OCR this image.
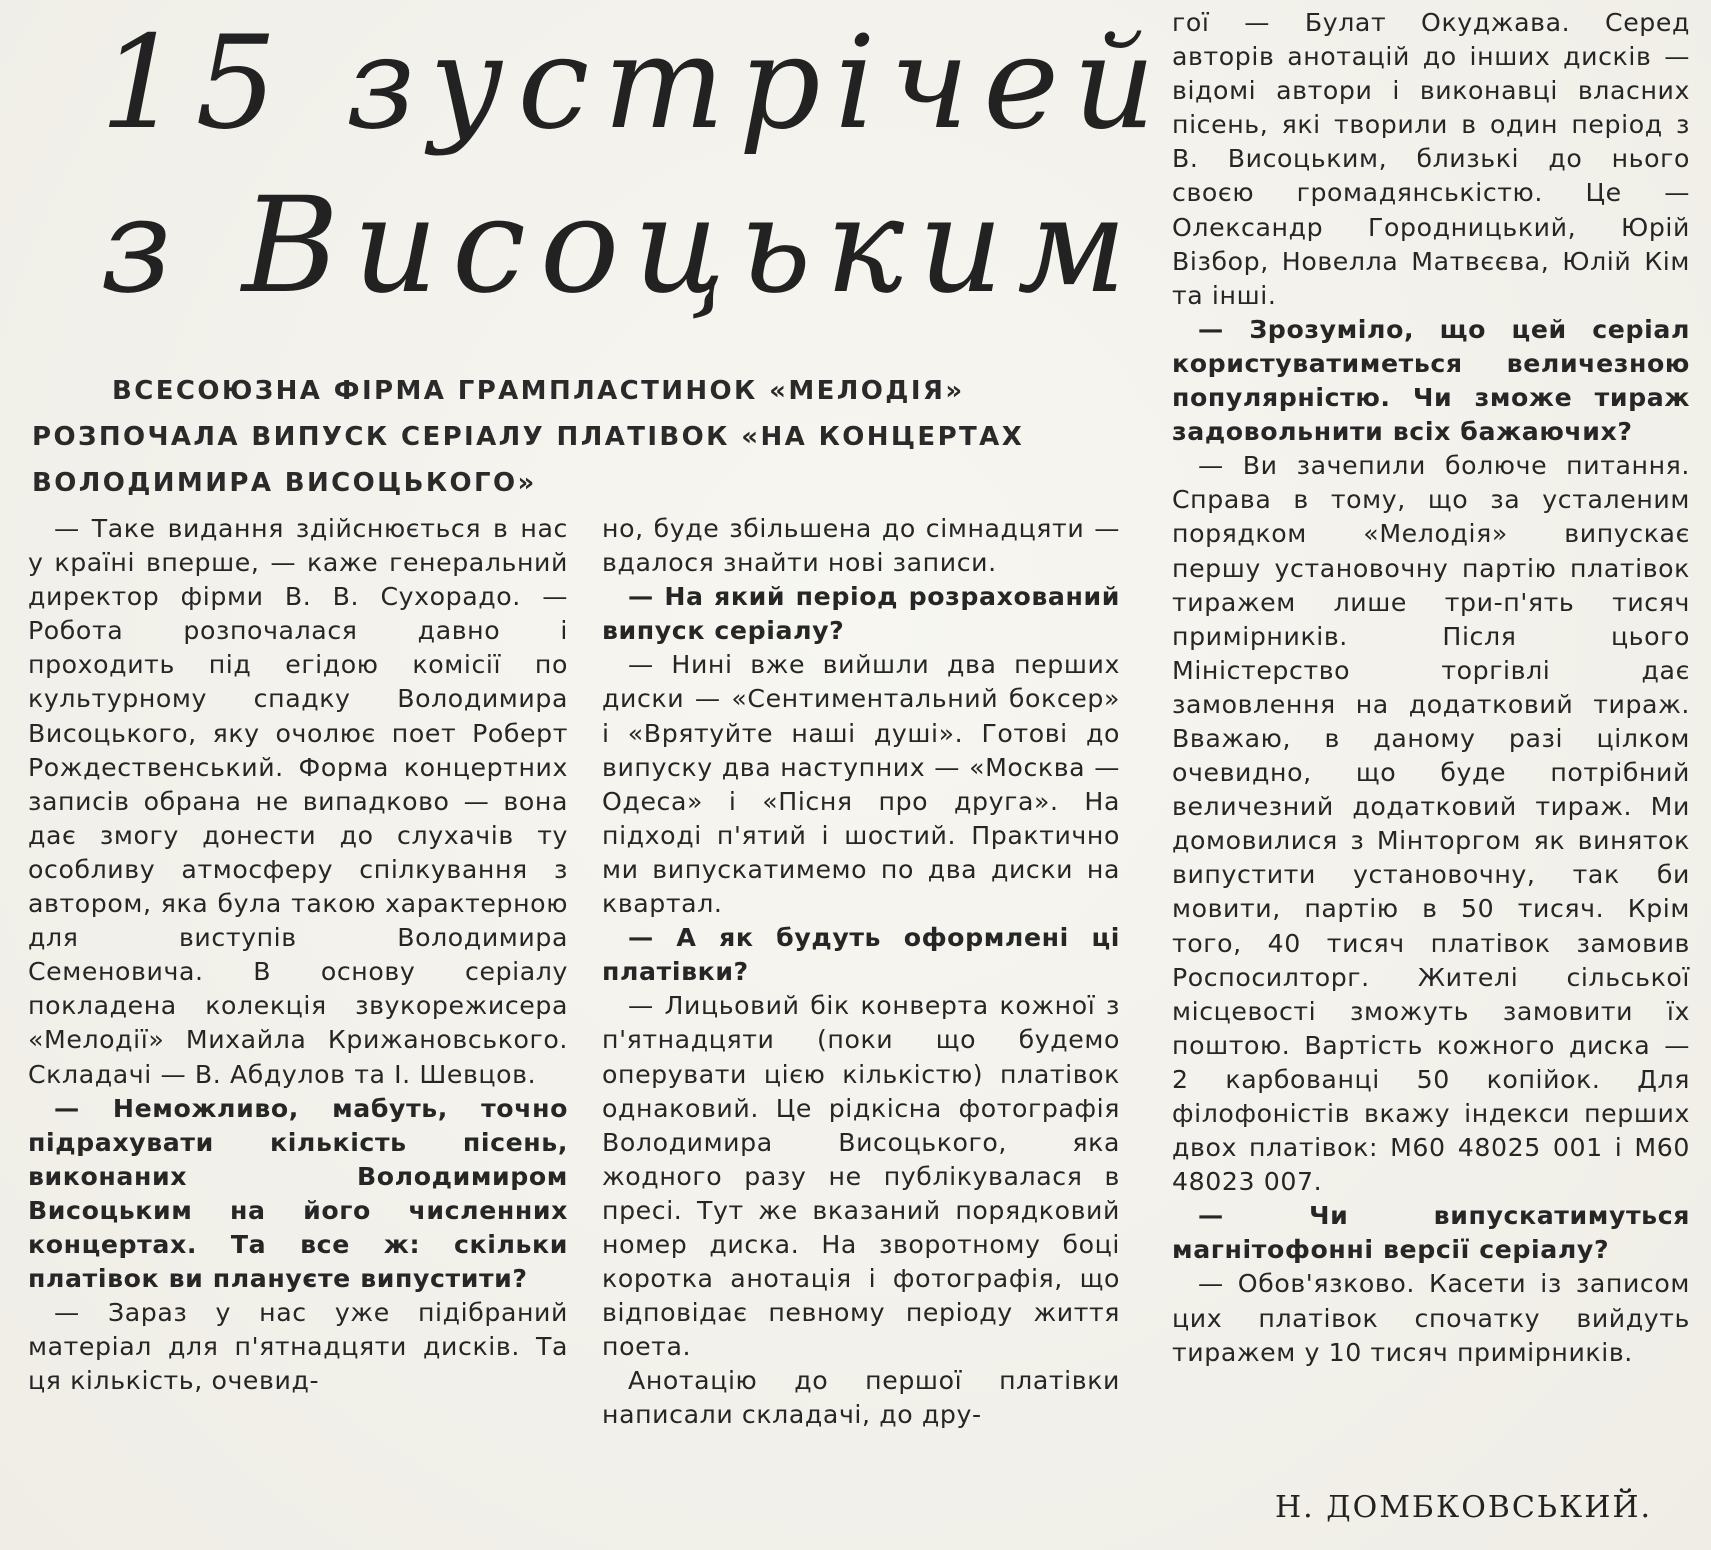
15 зустрічей
з Висоцьким
ВСЕСОЮЗНА ФІРМА ГРАМПЛАСТИНОК «МЕЛОДІЯ»
РОЗПОЧАЛА ВИПУСК СЕРІАЛУ ПЛАТІВОК «НА КОНЦЕРТАХ
ВОЛОДИМИРА ВИСОЦЬКОГО»

— Таке видання здійснюється в нас у країні вперше, — каже генеральний директор фірми В. В. Сухорадо. — Робота розпочалася давно і проходить під егідою комісії по культурному спадку Володимира Висоцького, яку очолює поет Роберт Рождественський. Форма концертних записів обрана не випадково — вона дає змогу донести до слухачів ту особливу атмосферу спілкування з автором, яка була такою характерною для виступів Володимира Семеновича. В основу серіалу покладена колекція звукорежисера «Мелодії» Михайла Крижановського. Складачі — В. Абдулов та І. Шевцов.

— Неможливо, мабуть, точно підрахувати кількість пісень, виконаних Володимиром Висоцьким на його численних концертах. Та все ж: скільки платівок ви плануєте випустити?

— Зараз у нас уже підібраний матеріал для п'ятнадцяти дисків. Та ця кількість, очевид-

но, буде збільшена до сімнадцяти — вдалося знайти нові записи.

— На який період розрахований випуск серіалу?

— Нині вже вийшли два перших диски — «Сентиментальний боксер» і «Врятуйте наші душі». Готові до випуску два наступних — «Москва — Одеса» і «Пісня про друга». На підході п'ятий і шостий. Практично ми випускатимемо по два диски на квартал.

— А як будуть оформлені ці платівки?

— Лицьовий бік конверта кожної з п'ятнадцяти (поки що будемо оперувати цією кількістю) платівок однаковий. Це рідкісна фотографія Володимира Висоцького, яка жодного разу не публікувалася в пресі. Тут же вказаний порядковий номер диска. На зворотному боці коротка анотація і фотографія, що відповідає певному періоду життя поета.

Анотацію до першої платівки написали складачі, до дру-

гої — Булат Окуджава. Серед авторів анотацій до інших дисків — відомі автори і виконавці власних пісень, які творили в один період з В. Висоцьким, близькі до нього своєю громадянськістю. Це — Олександр Городницький, Юрій Візбор, Новелла Матвєєва, Юлій Кім та інші.

— Зрозуміло, що цей серіал користуватиметься величезною популярністю. Чи зможе тираж задовольнити всіх бажаючих?

— Ви зачепили болюче питання. Справа в тому, що за усталеним порядком «Мелодія» випускає першу установочну партію платівок тиражем лише три-п'ять тисяч примірників. Після цього Міністерство торгівлі дає замовлення на додатковий тираж. Вважаю, в даному разі цілком очевидно, що буде потрібний величезний додатковий тираж. Ми домовилися з Мінторгом як виняток випустити установочну, так би мовити, партію в 50 тисяч. Крім того, 40 тисяч платівок замовив Роспосилторг. Жителі сільської місцевості зможуть замовити їх поштою. Вартість кожного диска — 2 карбованці 50 копійок. Для філофоністів вкажу індекси перших двох платівок: М60 48025 001 і М60 48023 007.

— Чи випускатимуться магнітофонні версії серіалу?

— Обов'язково. Касети із записом цих платівок спочатку вийдуть тиражем у 10 тисяч примірників.

Н. ДОМБКОВСЬКИЙ.
